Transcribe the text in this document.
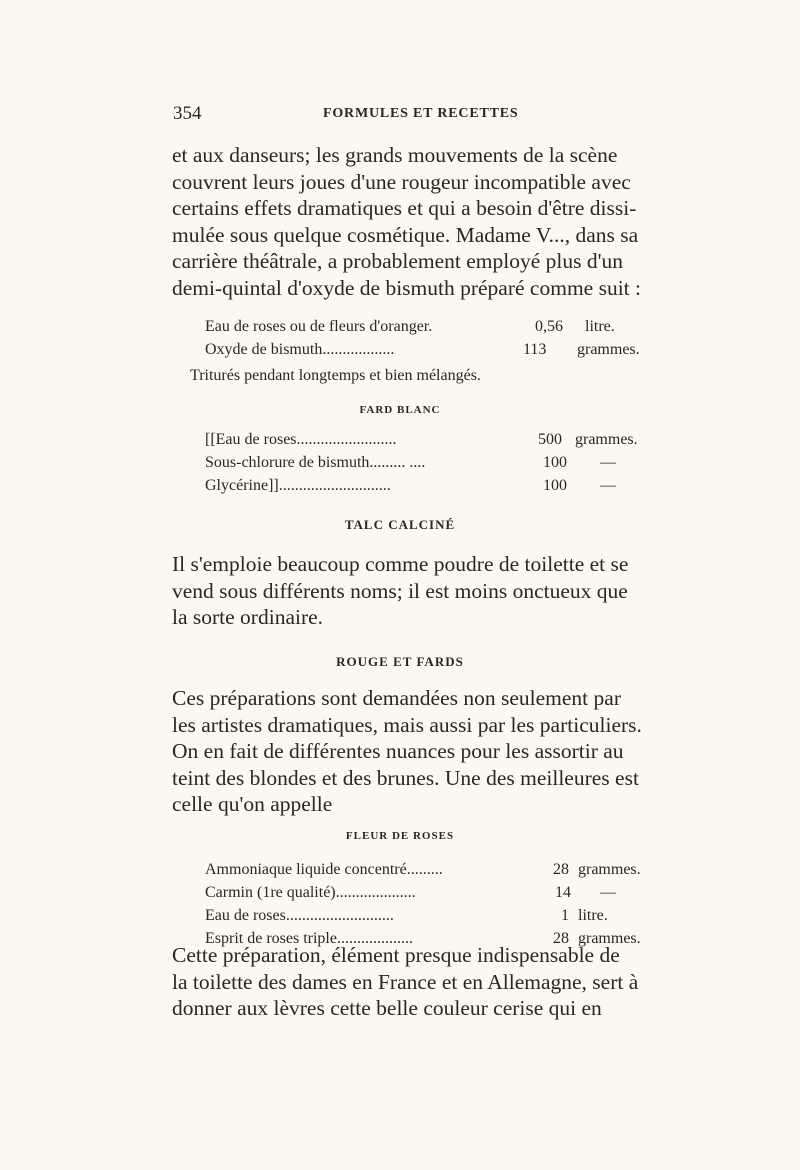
354	FORMULES ET RECETTES
et aux danseurs; les grands mouvements de la scène
couvrent leurs joues d'une rougeur incompatible avec
certains effets dramatiques et qui a besoin d'être dissi-
mulée sous quelque cosmétique. Madame V..., dans sa
carrière théâtrale, a probablement employé plus d'un
demi-quintal d'oxyde de bismuth préparé comme suit :
Eau de roses ou de fleurs d'oranger.	0,56 litre.
Oxyde de bismuth..................	113 grammes.
Triturés pendant longtemps et bien mélangés.
FARD BLANC
[[Eau de roses.........................	500 grammes.
Sous-chlorure de bismuth......... ....	100 —
Glycérine]]............................	100 —
TALC CALCINÉ
Il s'emploie beaucoup comme poudre de toilette et se
vend sous différents noms; il est moins onctueux que
la sorte ordinaire.
ROUGE ET FARDS
Ces préparations sont demandées non seulement par
les artistes dramatiques, mais aussi par les particuliers.
On en fait de différentes nuances pour les assortir au
teint des blondes et des brunes. Une des meilleures est
celle qu'on appelle
FLEUR DE ROSES
Ammoniaque liquide concentré.........	28 grammes.
Carmin (1re qualité)....................	14 —
Eau de roses...........................	1 litre.
Esprit de roses triple...................	28 grammes.
Cette préparation, élément presque indispensable de
la toilette des dames en France et en Allemagne, sert à
donner aux lèvres cette belle couleur cerise qui en
